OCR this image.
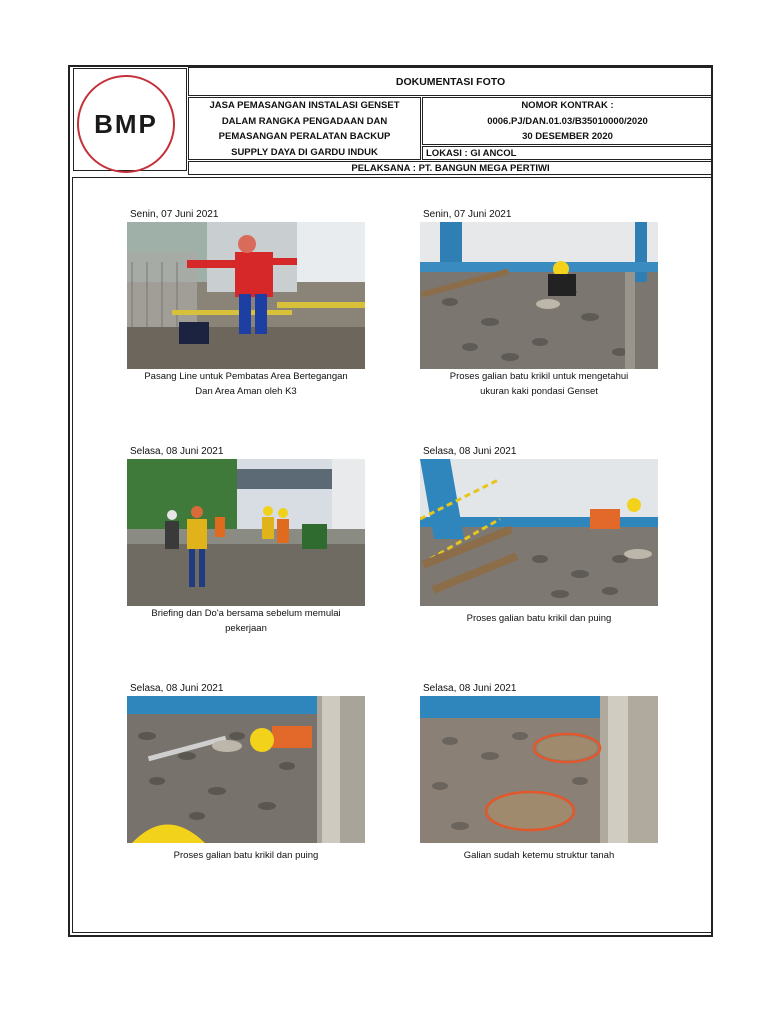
BMP
DOKUMENTASI FOTO
JASA PEMASANGAN INSTALASI GENSET
DALAM RANGKA PENGADAAN DAN
PEMASANGAN PERALATAN BACKUP
SUPPLY DAYA DI GARDU INDUK
NOMOR KONTRAK :
0006.PJ/DAN.01.03/B35010000/2020
30 DESEMBER 2020
LOKASI : GI ANCOL
PELAKSANA : PT. BANGUN MEGA PERTIWI
Senin, 07 Juni 2021
Pasang Line untuk Pembatas Area Bertegangan
Dan Area Aman oleh K3
Senin, 07 Juni 2021
Proses galian batu krikil untuk mengetahui
ukuran kaki pondasi Genset
Selasa, 08 Juni 2021
Briefing dan Do'a bersama sebelum memulai
pekerjaan
Selasa, 08 Juni 2021
Proses galian batu krikil dan puing
Selasa, 08 Juni 2021
Proses galian batu krikil dan puing
Selasa, 08 Juni 2021
Galian sudah ketemu struktur tanah
